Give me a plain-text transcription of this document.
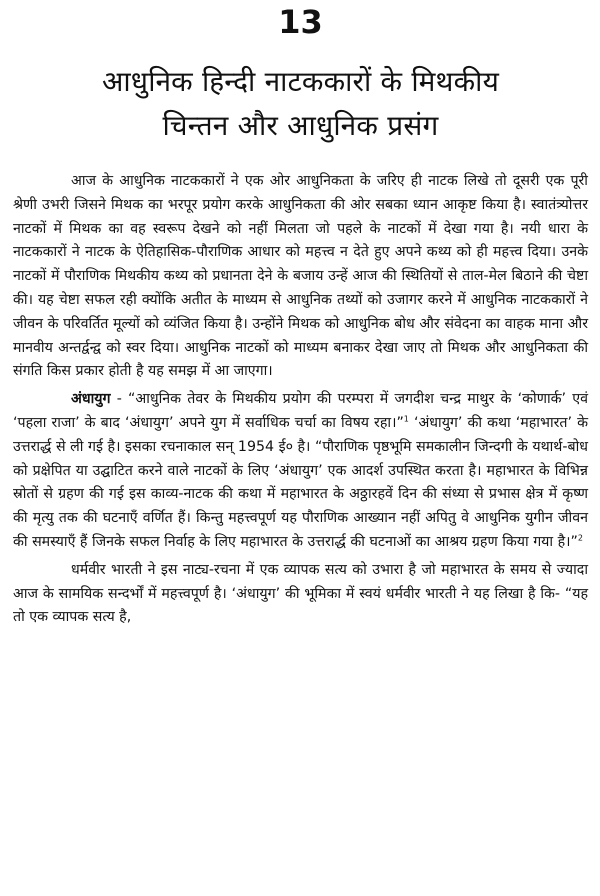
13
आधुनिक हिन्दी नाटककारों के मिथकीय
चिन्तन और आधुनिक प्रसंग

आज के आधुनिक नाटककारों ने एक ओर आधुनिकता के जरिए ही नाटक लिखे तो दूसरी एक पूरी श्रेणी उभरी जिसने मिथक का भरपूर प्रयोग करके आधुनिकता की ओर सबका ध्यान आकृष्ट किया है। स्वातंत्र्योत्तर नाटकों में मिथक का वह स्वरूप देखने को नहीं मिलता जो पहले के नाटकों में देखा गया है। नयी धारा के नाटककारों ने नाटक के ऐतिहासिक-पौराणिक आधार को महत्त्व न देते हुए अपने कथ्य को ही महत्त्व दिया। उनके नाटकों में पौराणिक मिथकीय कथ्य को प्रधानता देने के बजाय उन्हें आज की स्थितियों से ताल-मेल बिठाने की चेष्टा की। यह चेष्टा सफल रही क्योंकि अतीत के माध्यम से आधुनिक तथ्यों को उजागर करने में आधुनिक नाटककारों ने जीवन के परिवर्तित मूल्यों को व्यंजित किया है। उन्होंने मिथक को आधुनिक बोध और संवेदना का वाहक माना और मानवीय अन्तर्द्वन्द्व को स्वर दिया। आधुनिक नाटकों को माध्यम बनाकर देखा जाए तो मिथक और आधुनिकता की संगति किस प्रकार होती है यह समझ में आ जाएगा।

अंधायुग - “आधुनिक तेवर के मिथकीय प्रयोग की परम्परा में जगदीश चन्द्र माथुर के ‘कोणार्क’ एवं ‘पहला राजा’ के बाद ‘अंधायुग’ अपने युग में सर्वाधिक चर्चा का विषय रहा।”$^1$ ‘अंधायुग’ की कथा ‘महाभारत’ के उत्तरार्द्ध से ली गई है। इसका रचनाकाल सन् 1954 ई० है। “पौराणिक पृष्ठभूमि समकालीन जिन्दगी के यथार्थ-बोध को प्रक्षेपित या उद्घाटित करने वाले नाटकों के लिए ‘अंधायुग’ एक आदर्श उपस्थित करता है। महाभारत के विभिन्न स्रोतों से ग्रहण की गई इस काव्य-नाटक की कथा में महाभारत के अठ्ठारहवें दिन की संध्या से प्रभास क्षेत्र में कृष्ण की मृत्यु तक की घटनाएँ वर्णित हैं। किन्तु महत्त्वपूर्ण यह पौराणिक आख्यान नहीं अपितु वे आधुनिक युगीन जीवन की समस्याएँ हैं जिनके सफल निर्वाह के लिए महाभारत के उत्तरार्द्ध की घटनाओं का आश्रय ग्रहण किया गया है।”$^2$

धर्मवीर भारती ने इस नाट्य-रचना में एक व्यापक सत्य को उभारा है जो महाभारत के समय से ज्यादा आज के सामयिक सन्दर्भों में महत्त्वपूर्ण है। ‘अंधायुग’ की भूमिका में स्वयं धर्मवीर भारती ने यह लिखा है कि- “यह तो एक व्यापक सत्य है,
